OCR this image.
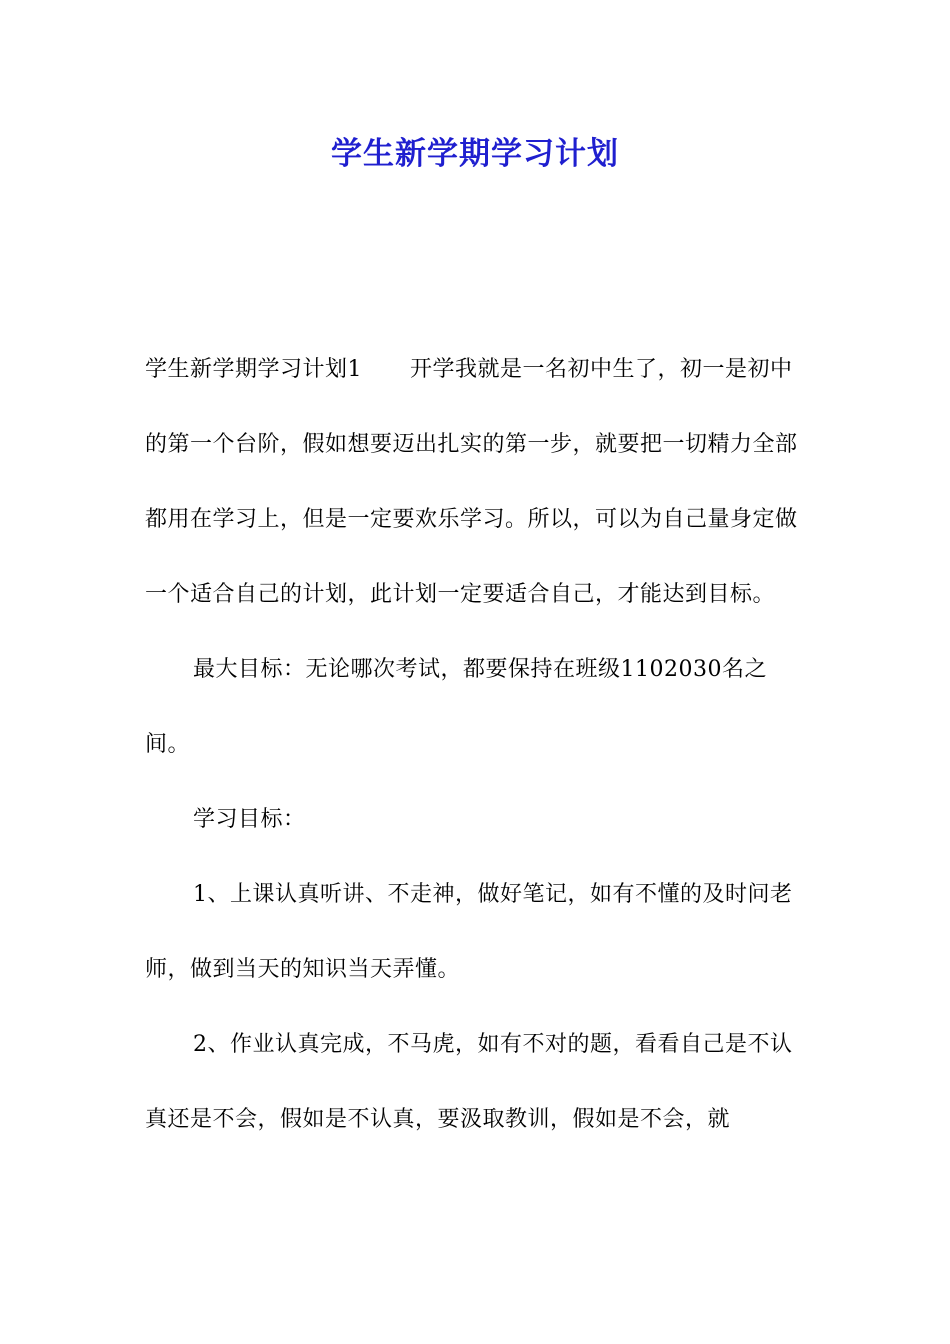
学生新学期学习计划

学生新学期学习计划1 开学我就是一名初中生了，初一是初中的第一个台阶，假如想要迈出扎实的第一步，就要把一切精力全部都用在学习上，但是一定要欢乐学习。所以，可以为自己量身定做一个适合自己的计划，此计划一定要适合自己，才能达到目标。

最大目标：无论哪次考试，都要保持在班级1102030名之间。

学习目标：

1、上课认真听讲、不走神，做好笔记，如有不懂的及时问老师，做到当天的知识当天弄懂。

2、作业认真完成，不马虎，如有不对的题，看看自己是不认真还是不会，假如是不认真，要汲取教训，假如是不会，就
